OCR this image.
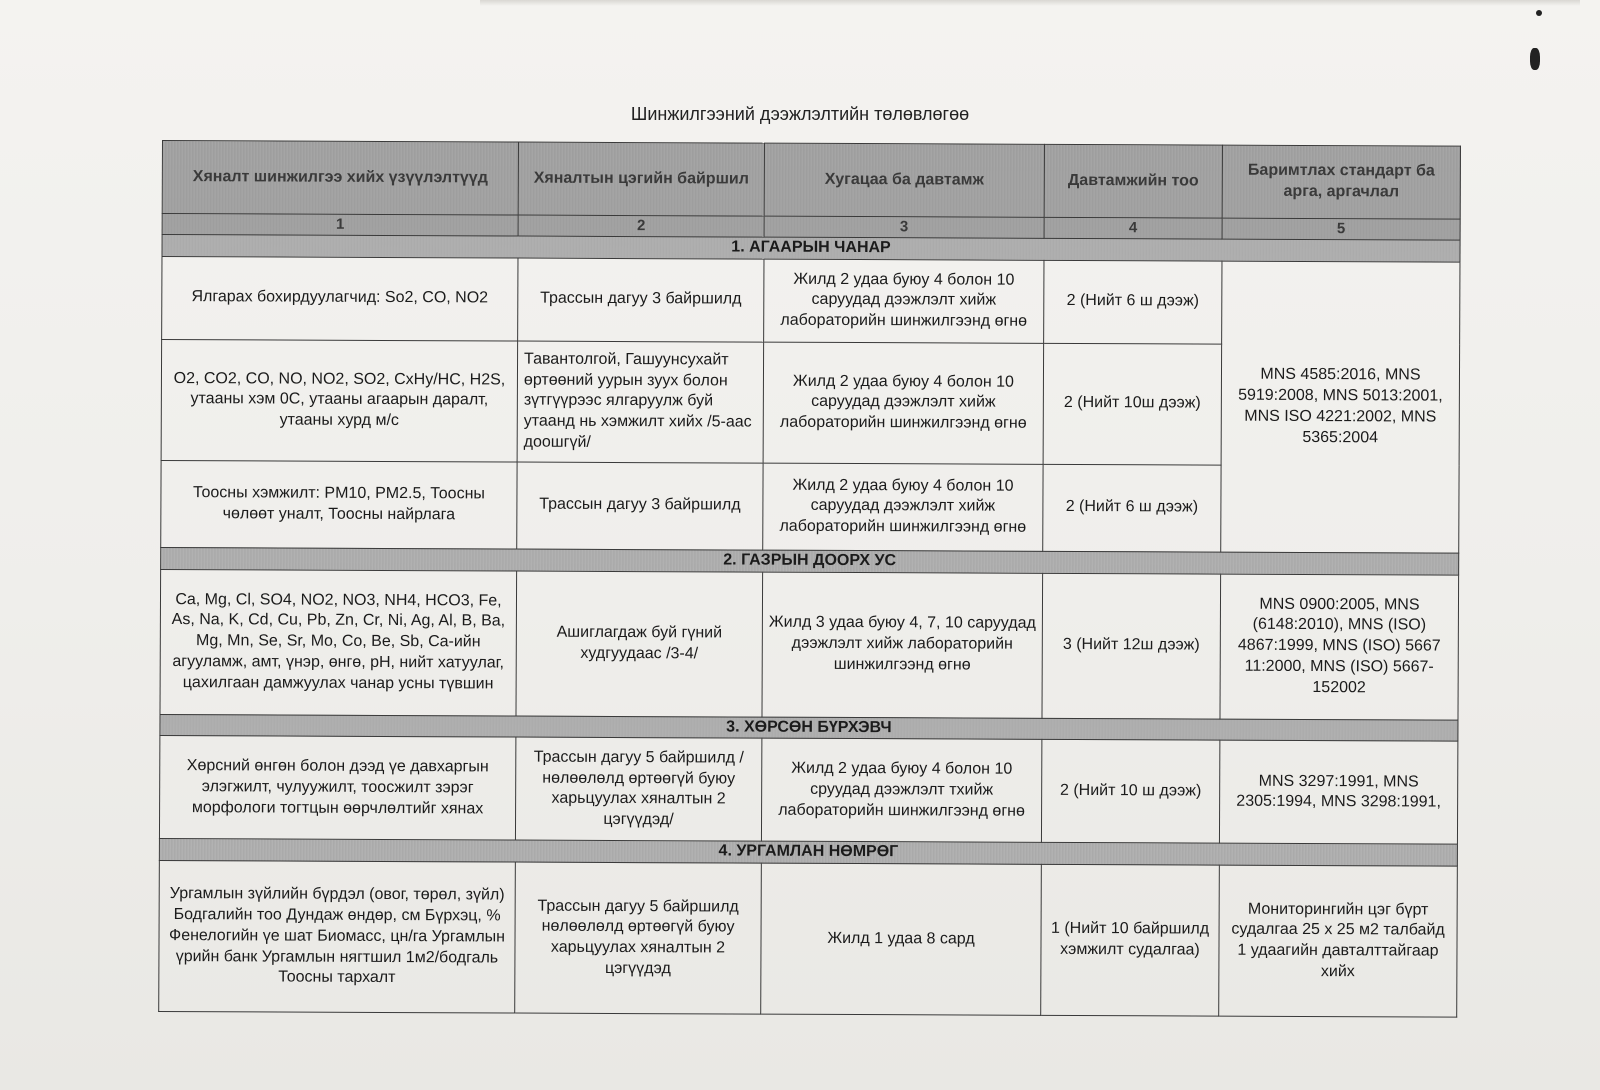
Шинжилгээний дээжлэлтийн төлөвлөгөө
Хяналт шинжилгээ хийх үзүүлэлтүүд	Хяналтын цэгийн байршил	Хугацаа ба давтамж	Давтамжийн тоо	Баримтлах стандарт ба арга, аргачлал
1	2	3	4	5
1. АГААРЫН ЧАНАР				
Ялгарах бохирдуулагчид: So2, CO, NO2	Трассын дагуу 3 байршилд	Жилд 2 удаа буюу 4 болон 10 саруудад дээжлэлт хийж лабораторийн шинжилгээнд өгнө	2 (Нийт 6 ш дээж)	MNS 4585:2016, MNS 5919:2008, MNS 5013:2001, MNS ISO 4221:2002, MNS 5365:2004
O2, CO2, CO, NO, NO2, SO2, CxHy/HC, H2S, утааны хэм 0C, утааны агаарын даралт, утааны хурд м/с	Тавантолгой, Гашуунсухайт өртөөний уурын зуух болон зүтгүүрээс ялгаруулж буй утаанд нь хэмжилт хийх /5-аас доошгүй/	Жилд 2 удаа буюу 4 болон 10 саруудад дээжлэлт хийж лабораторийн шинжилгээнд өгнө	2 (Нийт 10ш дээж)	
Тоосны хэмжилт: PM10, PM2.5, Тоосны чөлөөт уналт, Тоосны найрлага	Трассын дагуу 3 байршилд	Жилд 2 удаа буюу 4 болон 10 саруудад дээжлэлт хийж лабораторийн шинжилгээнд өгнө	2 (Нийт 6 ш дээж)	
2. ГАЗРЫН ДООРХ УС				
Ca, Mg, Cl, SO4, NO2, NO3, NH4, HCO3, Fe, As, Na, K, Cd, Cu, Pb, Zn, Cr, Ni, Ag, Al, B, Ba, Mg, Mn, Se, Sr, Mo, Co, Be, Sb, Ca-ийн агууламж, амт, үнэр, өнгө, pH, нийт хатуулаг, цахилгаан дамжуулах чанар усны түвшин	Ашиглагдаж буй гүний худгуудаас /3-4/	Жилд 3 удаа буюу 4, 7, 10 саруудад дээжлэлт хийж лабораторийн шинжилгээнд өгнө	3 (Нийт 12ш дээж)	MNS 0900:2005, MNS (6148:2010), MNS (ISO) 4867:1999, MNS (ISO) 5667 11:2000, MNS (ISO) 5667-152002
3. ХӨРСӨН БҮРХЭВЧ				
Хөрсний өнгөн болон дээд үе давхаргын элэгжилт, чулуужилт, тоосжилт зэрэг морфологи тогтцын өөрчлөлтийг хянах	Трассын дагуу 5 байршилд /нөлөөлөлд өртөөгүй буюу харьцуулах хяналтын 2 цэгүүдэд/	Жилд 2 удаа буюу 4 болон 10 сруудад дээжлэлт тхийж лабораторийн шинжилгээнд өгнө	2 (Нийт 10 ш дээж)	MNS 3297:1991, MNS 2305:1994, MNS 3298:1991,
4. УРГАМЛАН НӨМРӨГ				
Ургамлын зүйлийн бүрдэл (овог, төрөл, зүйл) Бодгалийн тоо Дундаж өндөр, см Бүрхэц, % Фенелогийн үе шат Биомасс, цн/га Ургамлын үрийн банк Ургамлын нягтшил 1м2/бодгаль Тоосны тархалт	Трассын дагуу 5 байршилд нөлөөлөлд өртөөгүй буюу харьцуулах хяналтын 2 цэгүүдэд	Жилд 1 удаа 8 сард	1 (Нийт 10 байршилд хэмжилт судалгаа)	Мониторингийн цэг бүрт судалгаа 25 x 25 м2 талбайд 1 удаагийн давталттайгаар хийх
